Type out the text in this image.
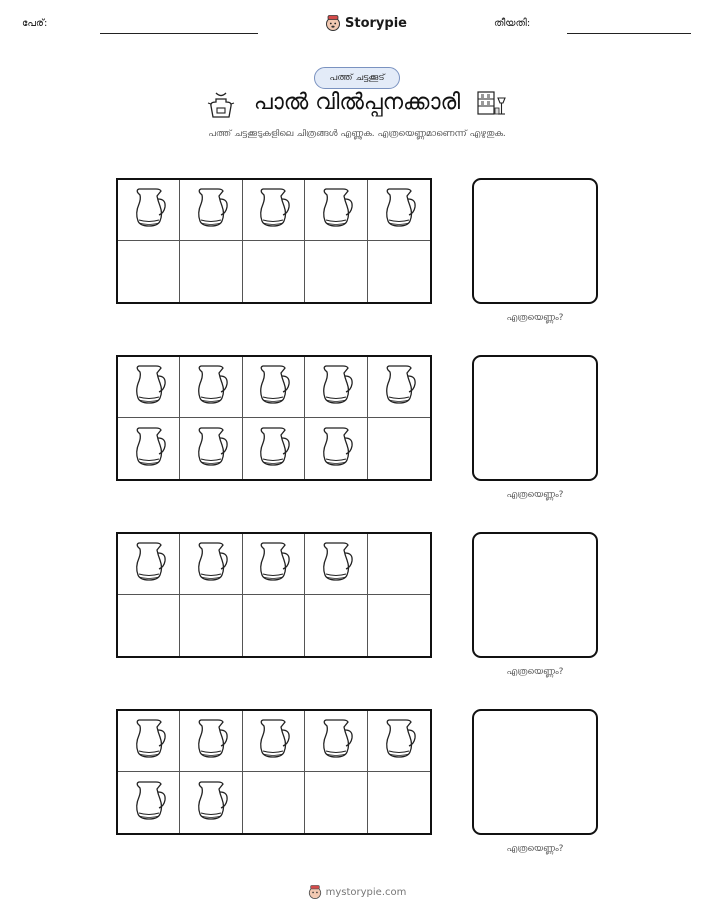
പേര്:	Storypie	തീയതി:
പത്ത് ചട്ടക്കൂട്
പാൽ വിൽപ്പനക്കാരി
പത്ത് ചട്ടക്കൂടുകളിലെ ചിത്രങ്ങൾ എണ്ണുക. എത്രയെണ്ണമാണെന്ന് എഴുതുക.
എത്രയെണ്ണം?
എത്രയെണ്ണം?
എത്രയെണ്ണം?
എത്രയെണ്ണം?
mystorypie.com
